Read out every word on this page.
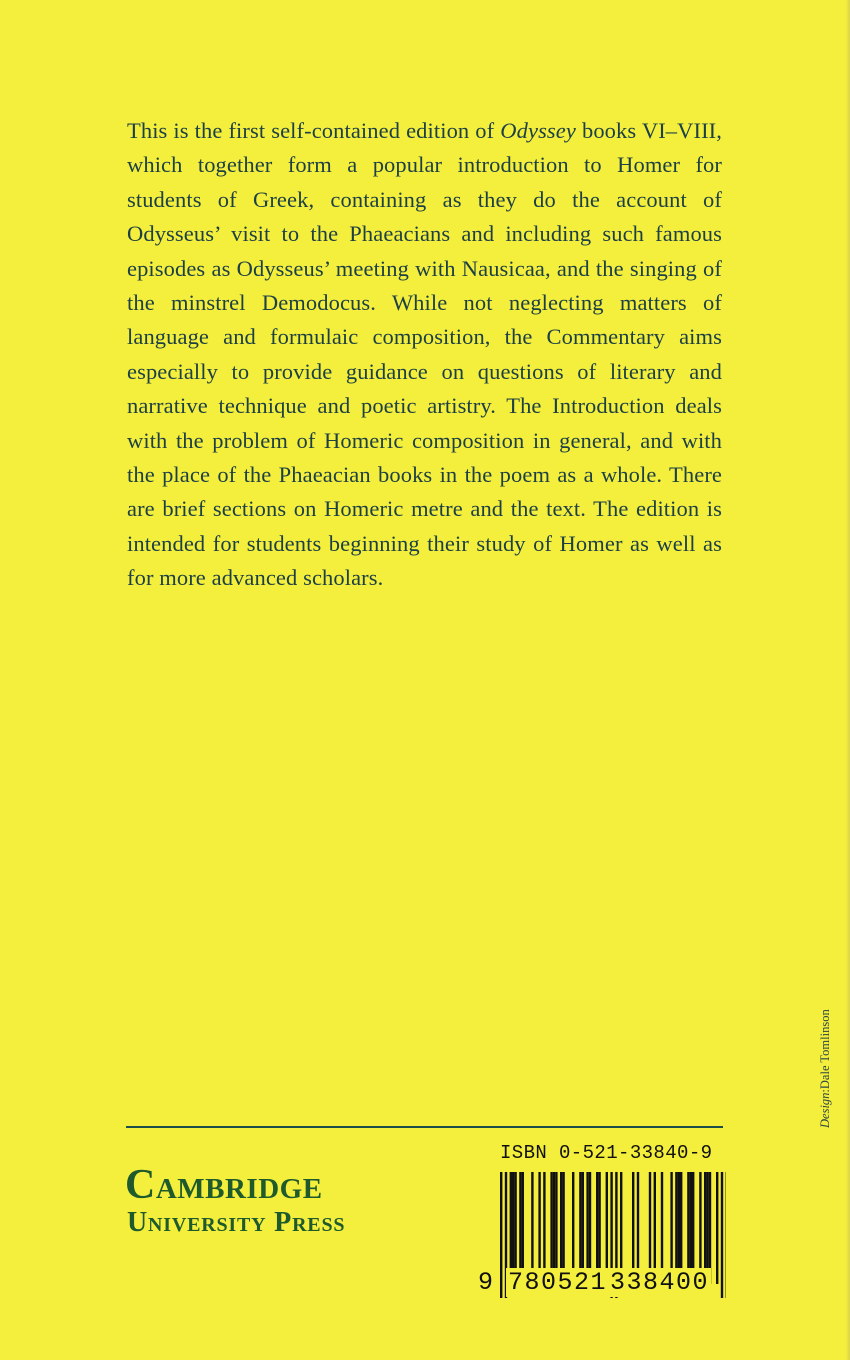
This is the first self-contained edition of Odyssey books VI–VIII, which together form a popular introduction to Homer for students of Greek, containing as they do the account of Odysseus’ visit to the Phaeacians and including such famous episodes as Odysseus’ meeting with Nausicaa, and the singing of the minstrel Demodocus. While not neglecting matters of language and formulaic composition, the Commentary aims especially to provide guidance on questions of literary and narrative technique and poetic artistry. The Introduction deals with the problem of Homeric composition in general, and with the place of the Phaeacian books in the poem as a whole. There are brief sections on Homeric metre and the text. The edition is intended for students beginning their study of Homer as well as for more advanced scholars.

Design:Dale Tomlinson
Cambridge
University Press
ISBN 0-521-33840-9
9 780521 338400
